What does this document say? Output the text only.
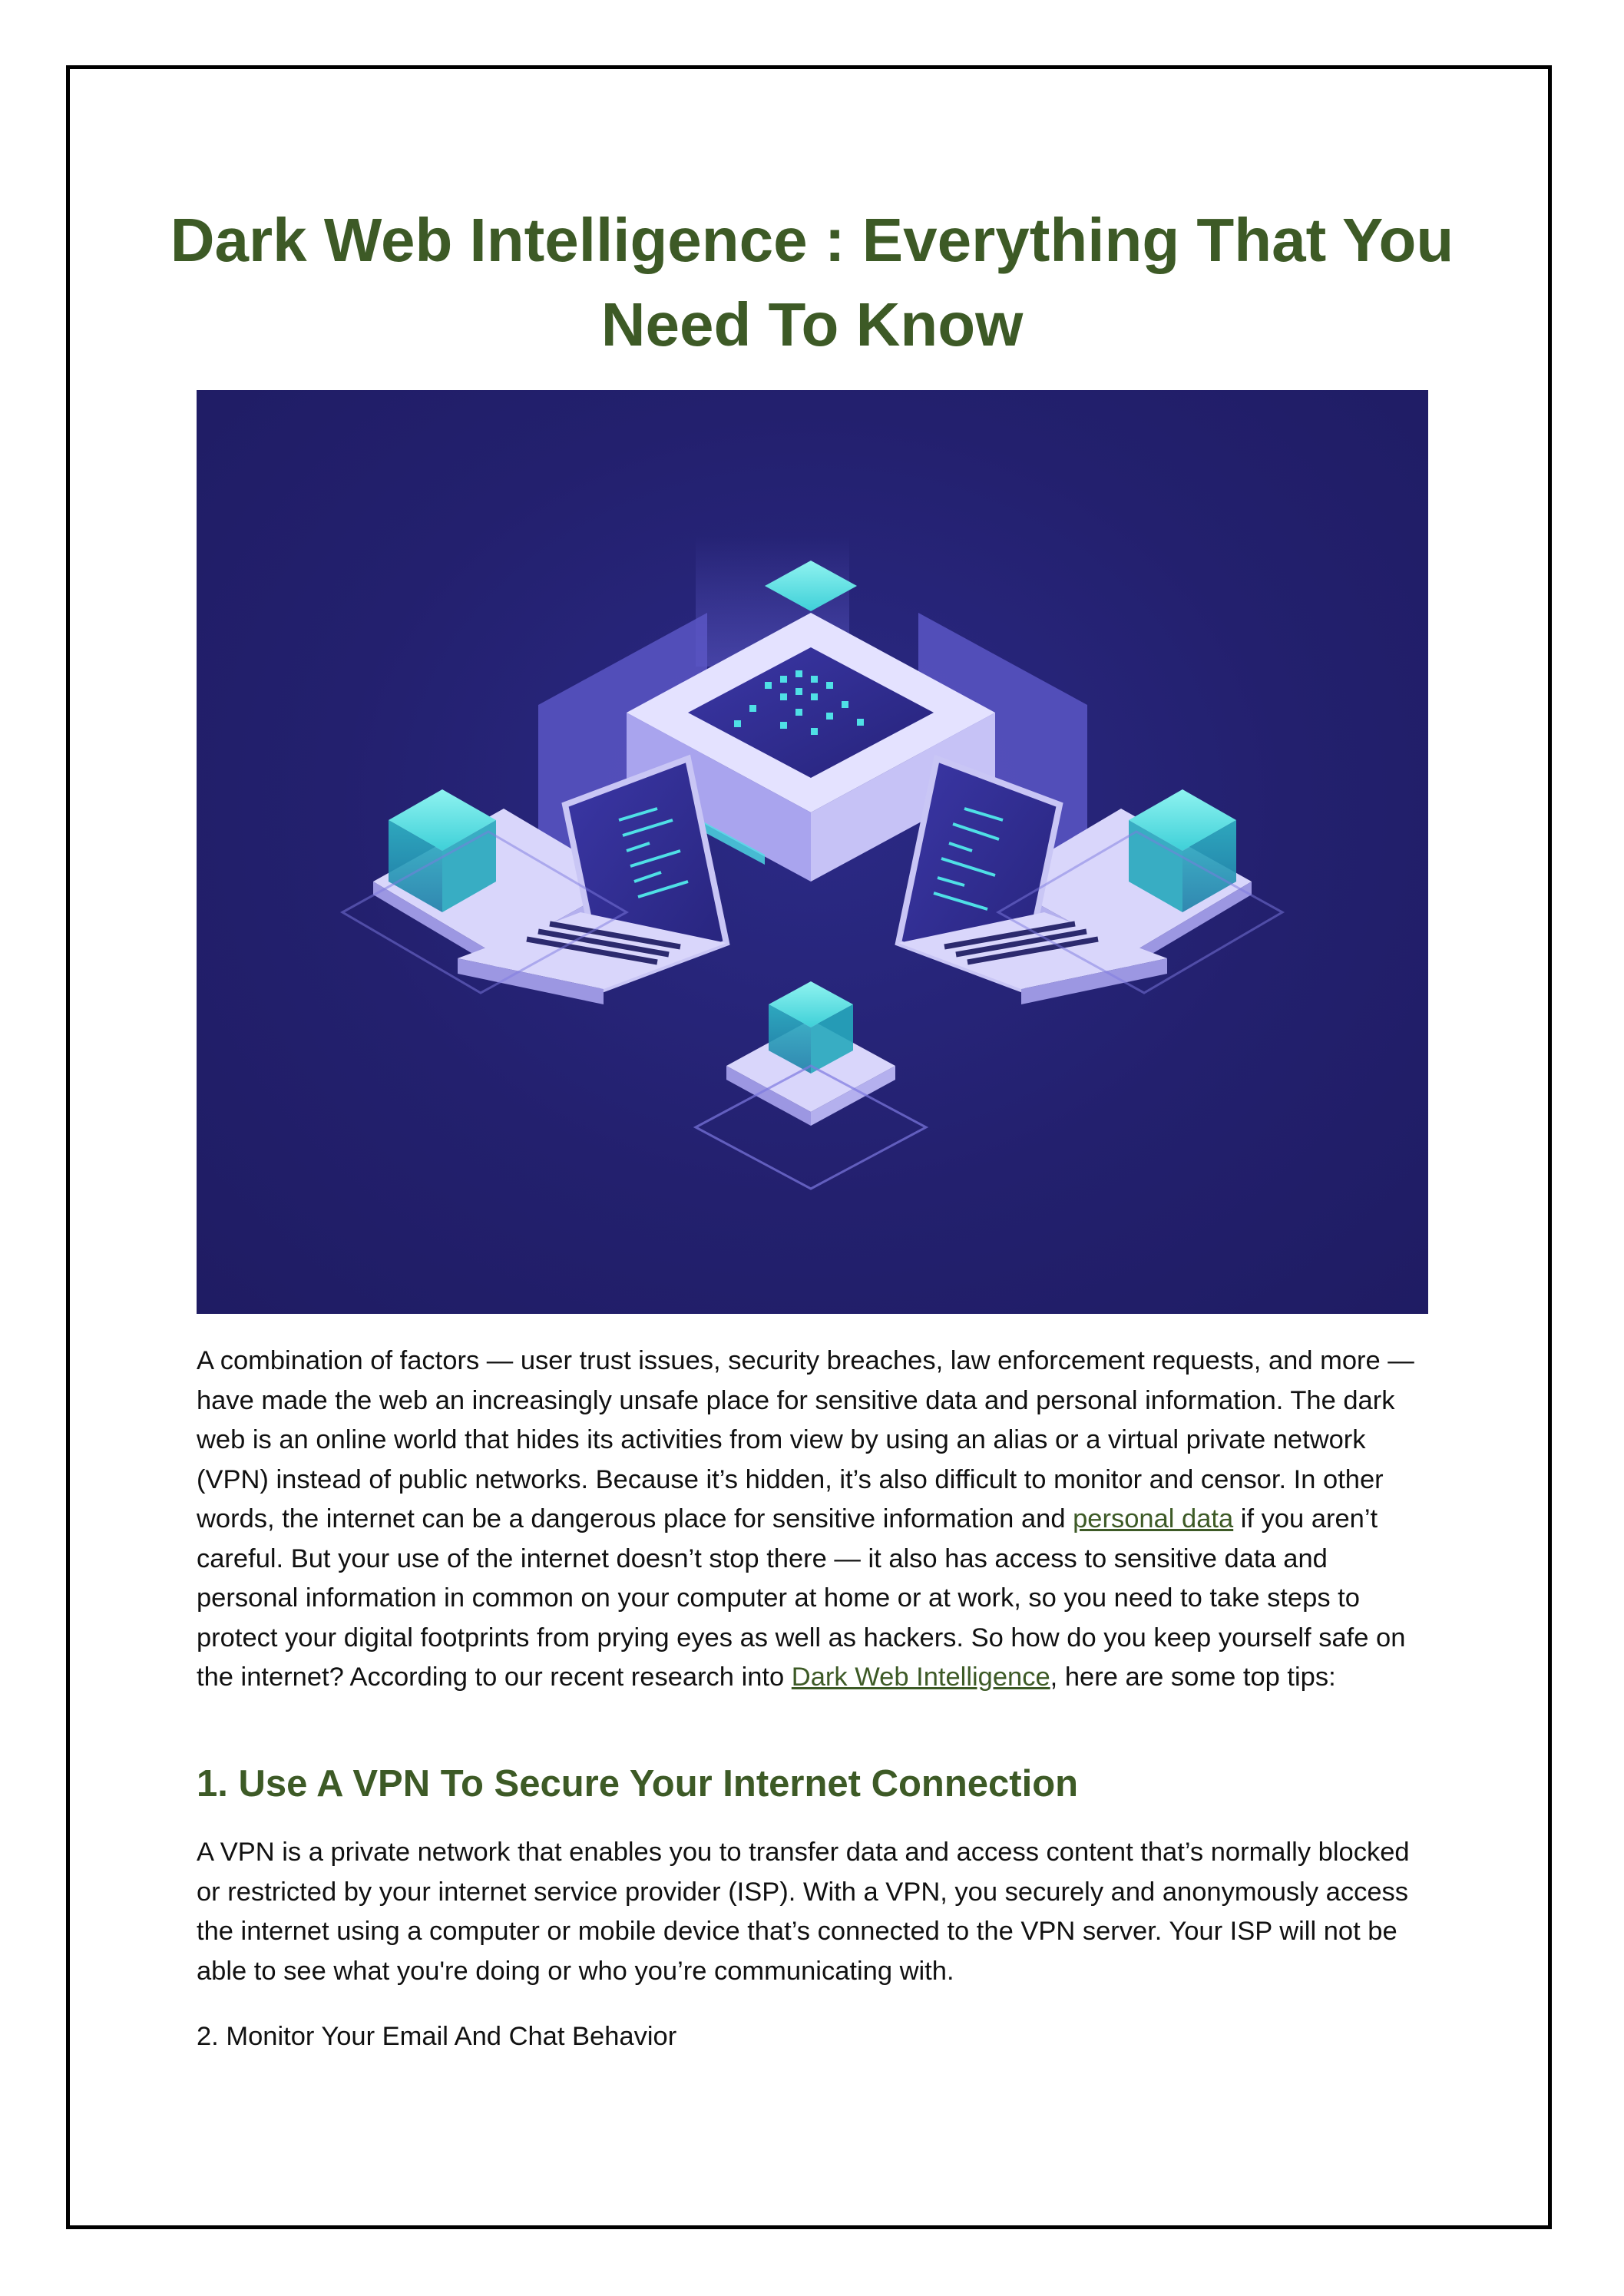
Dark Web Intelligence : Everything That You Need To Know

A combination of factors — user trust issues, security breaches, law enforcement requests, and more — have made the web an increasingly unsafe place for sensitive data and personal information. The dark web is an online world that hides its activities from view by using an alias or a virtual private network (VPN) instead of public networks. Because it’s hidden, it’s also difficult to monitor and censor. In other words, the internet can be a dangerous place for sensitive information and personal data if you aren’t careful. But your use of the internet doesn’t stop there — it also has access to sensitive data and personal information in common on your computer at home or at work, so you need to take steps to protect your digital footprints from prying eyes as well as hackers. So how do you keep yourself safe on the internet? According to our recent research into Dark Web Intelligence, here are some top tips:

1. Use A VPN To Secure Your Internet Connection

A VPN is a private network that enables you to transfer data and access content that’s normally blocked or restricted by your internet service provider (ISP). With a VPN, you securely and anonymously access the internet using a computer or mobile device that’s connected to the VPN server. Your ISP will not be able to see what you're doing or who you’re communicating with.

2. Monitor Your Email And Chat Behavior
